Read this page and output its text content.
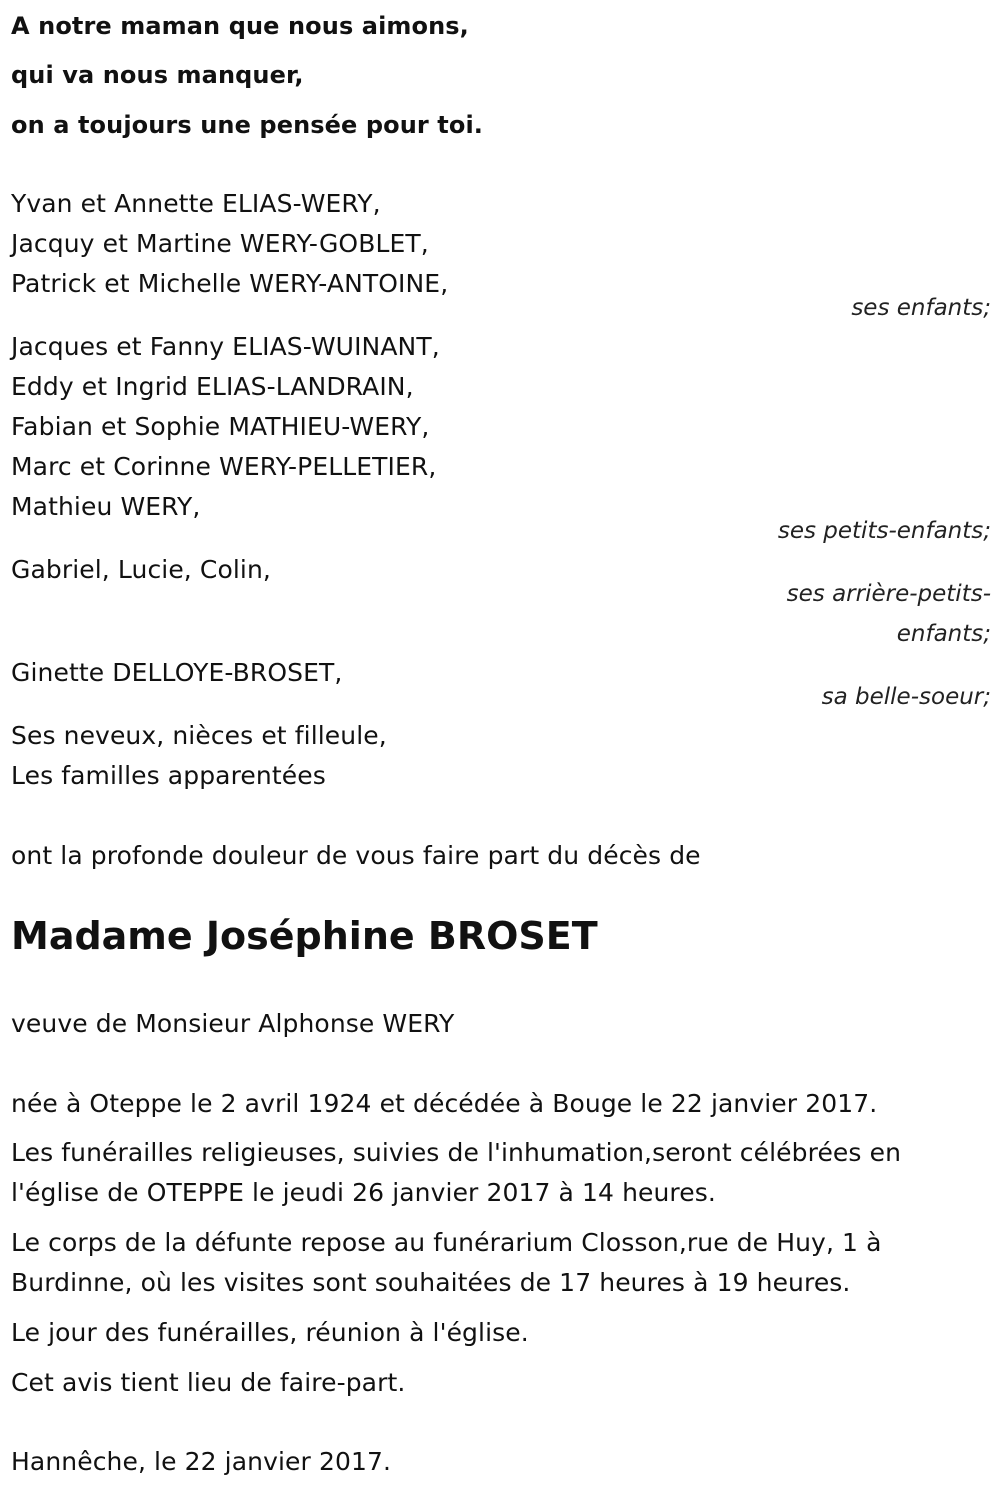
A notre maman que nous aimons,
qui va nous manquer,
on a toujours une pensée pour toi.
Yvan et Annette ELIAS-WERY,
Jacquy et Martine WERY-GOBLET,
Patrick et Michelle WERY-ANTOINE,
ses enfants;
Jacques et Fanny ELIAS-WUINANT,
Eddy et Ingrid ELIAS-LANDRAIN,
Fabian et Sophie MATHIEU-WERY,
Marc et Corinne WERY-PELLETIER,
Mathieu WERY,
ses petits-enfants;
Gabriel, Lucie, Colin,
ses arrière-petits-
enfants;
Ginette DELLOYE-BROSET,
sa belle-soeur;
Ses neveux, nièces et filleule,
Les familles apparentées
ont la profonde douleur de vous faire part du décès de
Madame Joséphine BROSET
veuve de Monsieur Alphonse WERY
née à Oteppe le 2 avril 1924 et décédée à Bouge le 22 janvier 2017.
Les funérailles religieuses, suivies de l'inhumation,seront célébrées en
l'église de OTEPPE le jeudi 26 janvier 2017 à 14 heures.
Le corps de la défunte repose au funérarium Closson,rue de Huy, 1 à
Burdinne, où les visites sont souhaitées de 17 heures à 19 heures.
Le jour des funérailles, réunion à l'église.
Cet avis tient lieu de faire-part.
Hannêche, le 22 janvier 2017.
